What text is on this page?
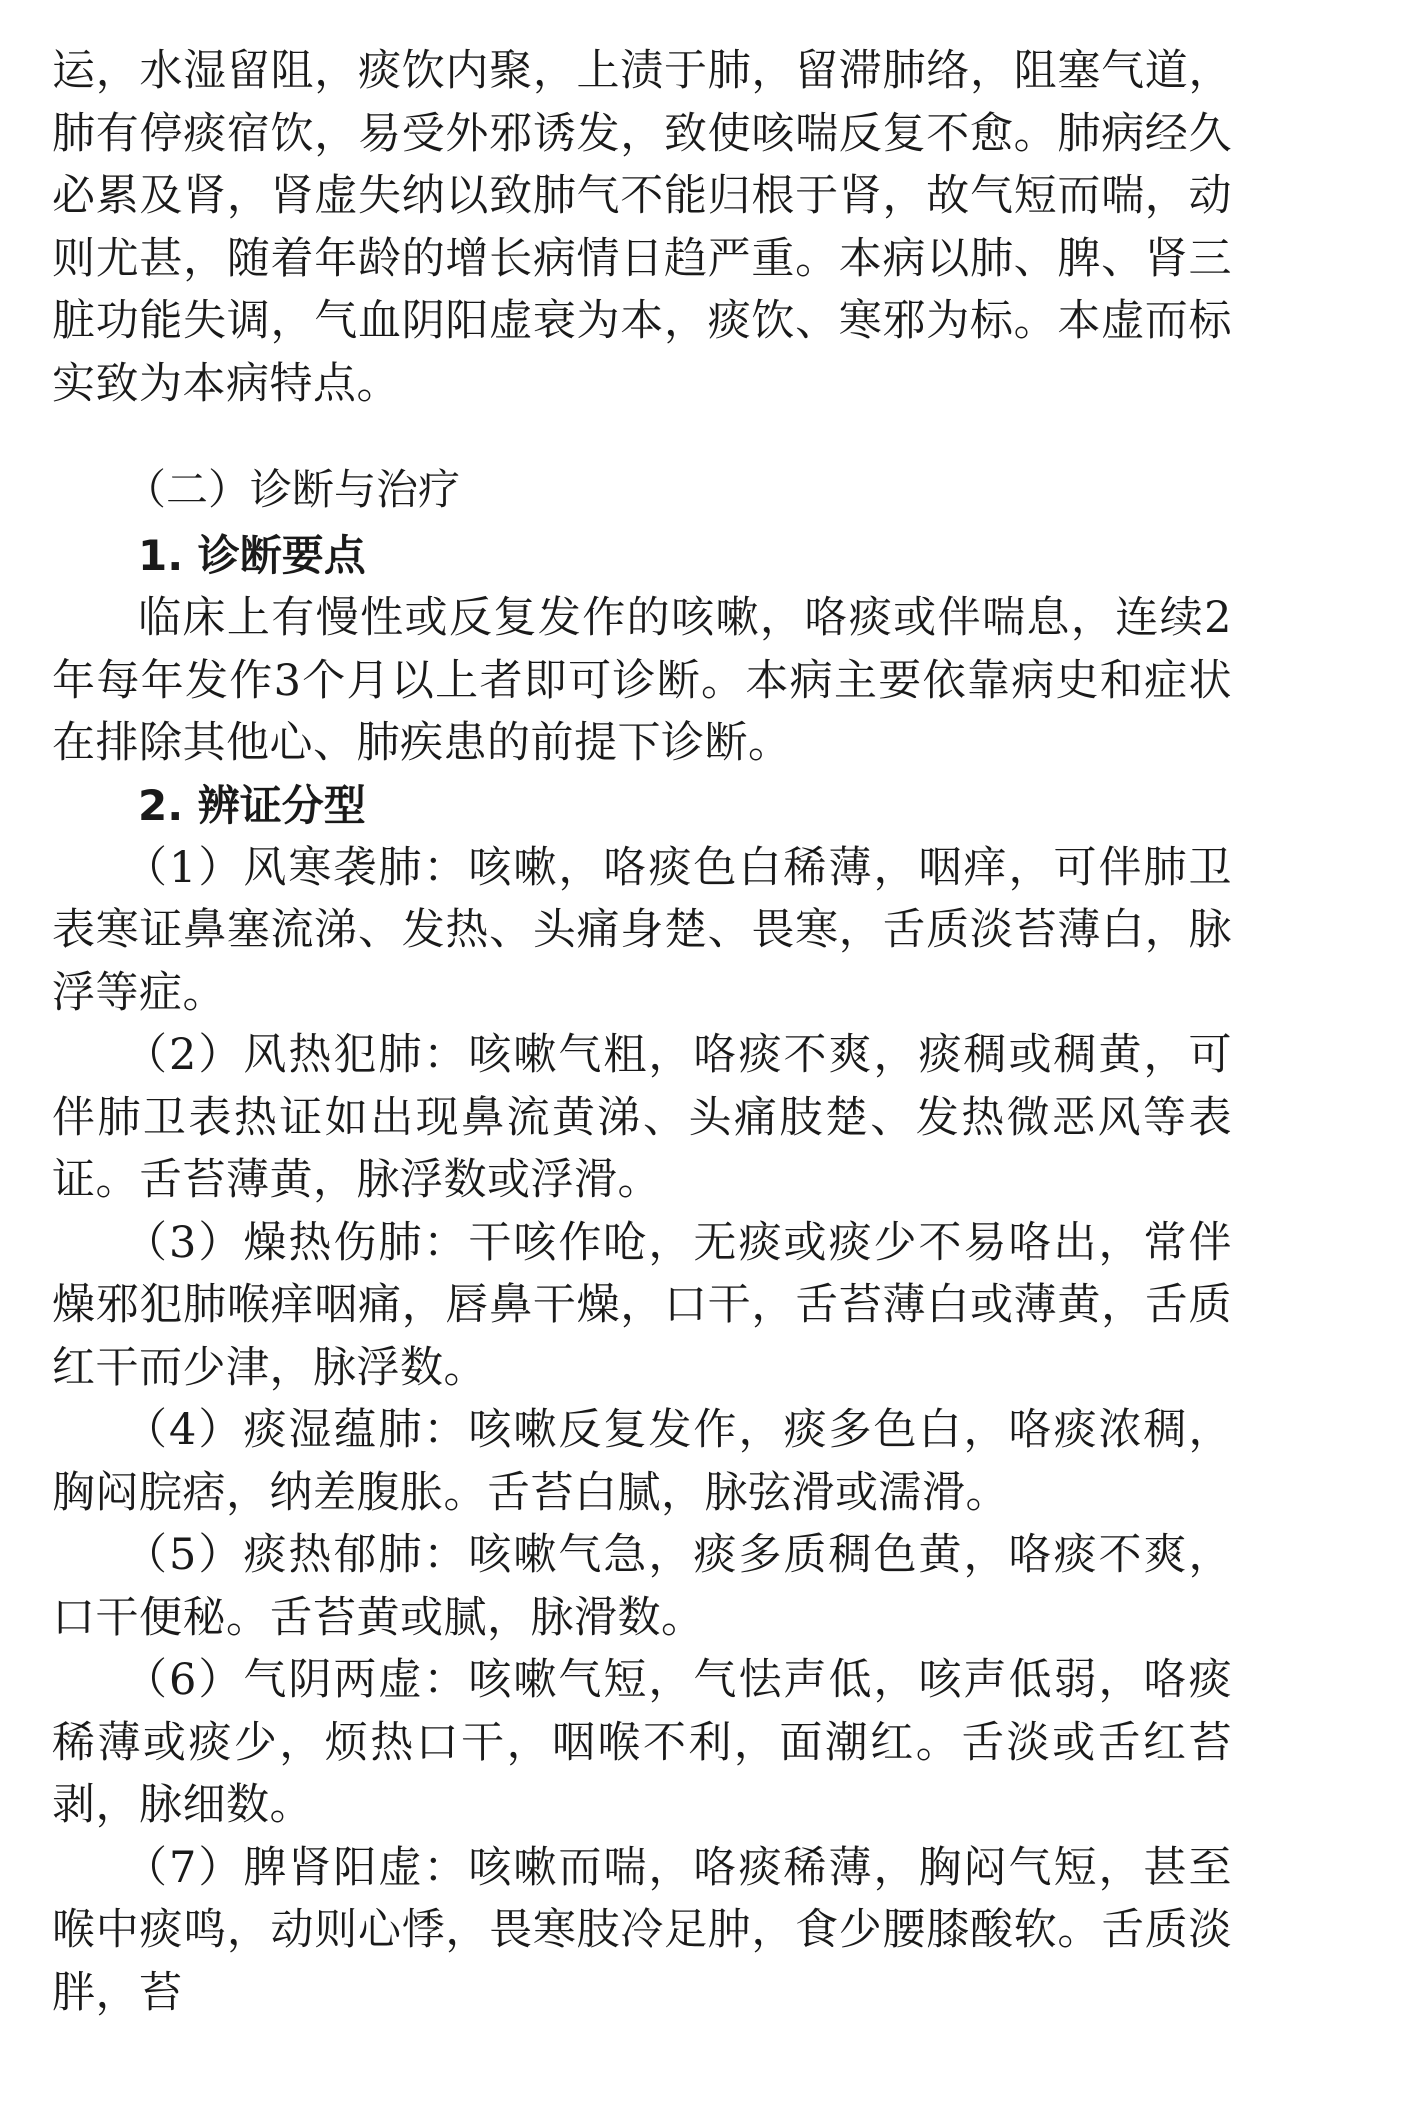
运，水湿留阻，痰饮内聚，上渍于肺，留滞肺络，阻塞气道，肺有停痰宿饮，易受外邪诱发，致使咳喘反复不愈。肺病经久必累及肾，肾虚失纳以致肺气不能归根于肾，故气短而喘，动则尤甚，随着年龄的增长病情日趋严重。本病以肺、脾、肾三脏功能失调，气血阴阳虚衰为本，痰饮、寒邪为标。本虚而标实致为本病特点。

（二）诊断与治疗
1. 诊断要点

临床上有慢性或反复发作的咳嗽，咯痰或伴喘息，连续2年每年发作3个月以上者即可诊断。本病主要依靠病史和症状在排除其他心、肺疾患的前提下诊断。

2. 辨证分型

（1）风寒袭肺：咳嗽，咯痰色白稀薄，咽痒，可伴肺卫表寒证鼻塞流涕、发热、头痛身楚、畏寒，舌质淡苔薄白，脉浮等症。

（2）风热犯肺：咳嗽气粗，咯痰不爽，痰稠或稠黄，可伴肺卫表热证如出现鼻流黄涕、头痛肢楚、发热微恶风等表证。舌苔薄黄，脉浮数或浮滑。

（3）燥热伤肺：干咳作呛，无痰或痰少不易咯出，常伴燥邪犯肺喉痒咽痛，唇鼻干燥，口干，舌苔薄白或薄黄，舌质红干而少津，脉浮数。

（4）痰湿蕴肺：咳嗽反复发作，痰多色白，咯痰浓稠，胸闷脘痞，纳差腹胀。舌苔白腻，脉弦滑或濡滑。

（5）痰热郁肺：咳嗽气急，痰多质稠色黄，咯痰不爽，口干便秘。舌苔黄或腻，脉滑数。

（6）气阴两虚：咳嗽气短，气怯声低，咳声低弱，咯痰稀薄或痰少，烦热口干，咽喉不利，面潮红。舌淡或舌红苔剥，脉细数。

（7）脾肾阳虚：咳嗽而喘，咯痰稀薄，胸闷气短，甚至喉中痰鸣，动则心悸，畏寒肢冷足肿，食少腰膝酸软。舌质淡胖，苔
